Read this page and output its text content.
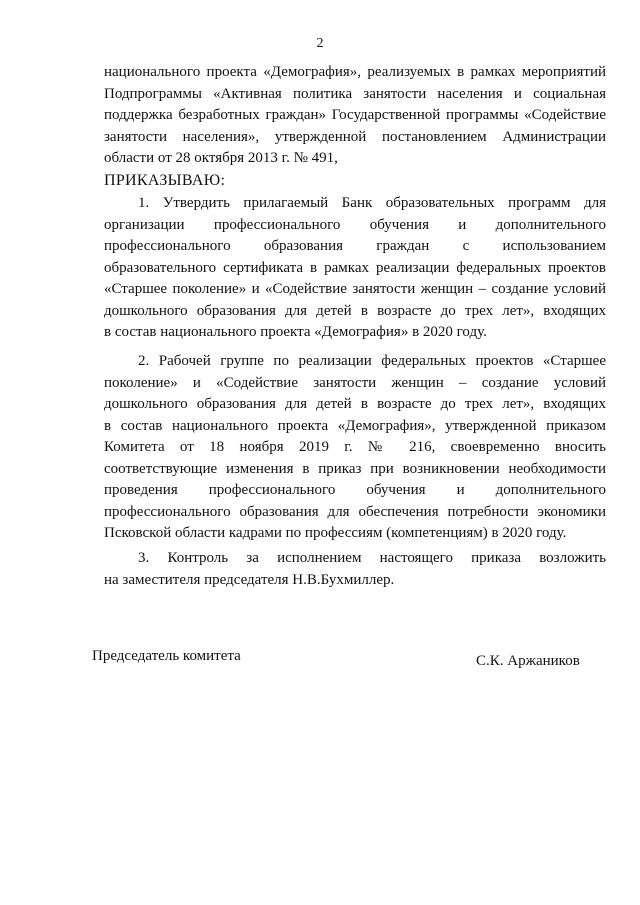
2
национального проекта «Демография», реализуемых в рамках мероприятий
Подпрограммы «Активная политика занятости населения и социальная
поддержка безработных граждан» Государственной программы «Содействие
занятости населения», утвержденной постановлением Администрации
области от 28 октября 2013 г. № 491,
ПРИКАЗЫВАЮ:
1. Утвердить прилагаемый Банк образовательных программ для
организации профессионального обучения и дополнительного
профессионального образования граждан с использованием
образовательного сертификата в рамках реализации федеральных проектов
«Старшее поколение» и «Содействие занятости женщин – создание условий
дошкольного образования для детей в возрасте до трех лет», входящих
в состав национального проекта «Демография» в 2020 году.
2. Рабочей группе по реализации федеральных проектов «Старшее
поколение» и «Содействие занятости женщин – создание условий
дошкольного образования для детей в возрасте до трех лет», входящих
в состав национального проекта «Демография», утвержденной приказом
Комитета от 18 ноября 2019 г. № 216, своевременно вносить
соответствующие изменения в приказ при возникновении необходимости
проведения профессионального обучения и дополнительного
профессионального образования для обеспечения потребности экономики
Псковской области кадрами по профессиям (компетенциям) в 2020 году.
3. Контроль за исполнением настоящего приказа возложить
на заместителя председателя Н.В.Бухмиллер.
Председатель комитета	С.К. Аржаников
